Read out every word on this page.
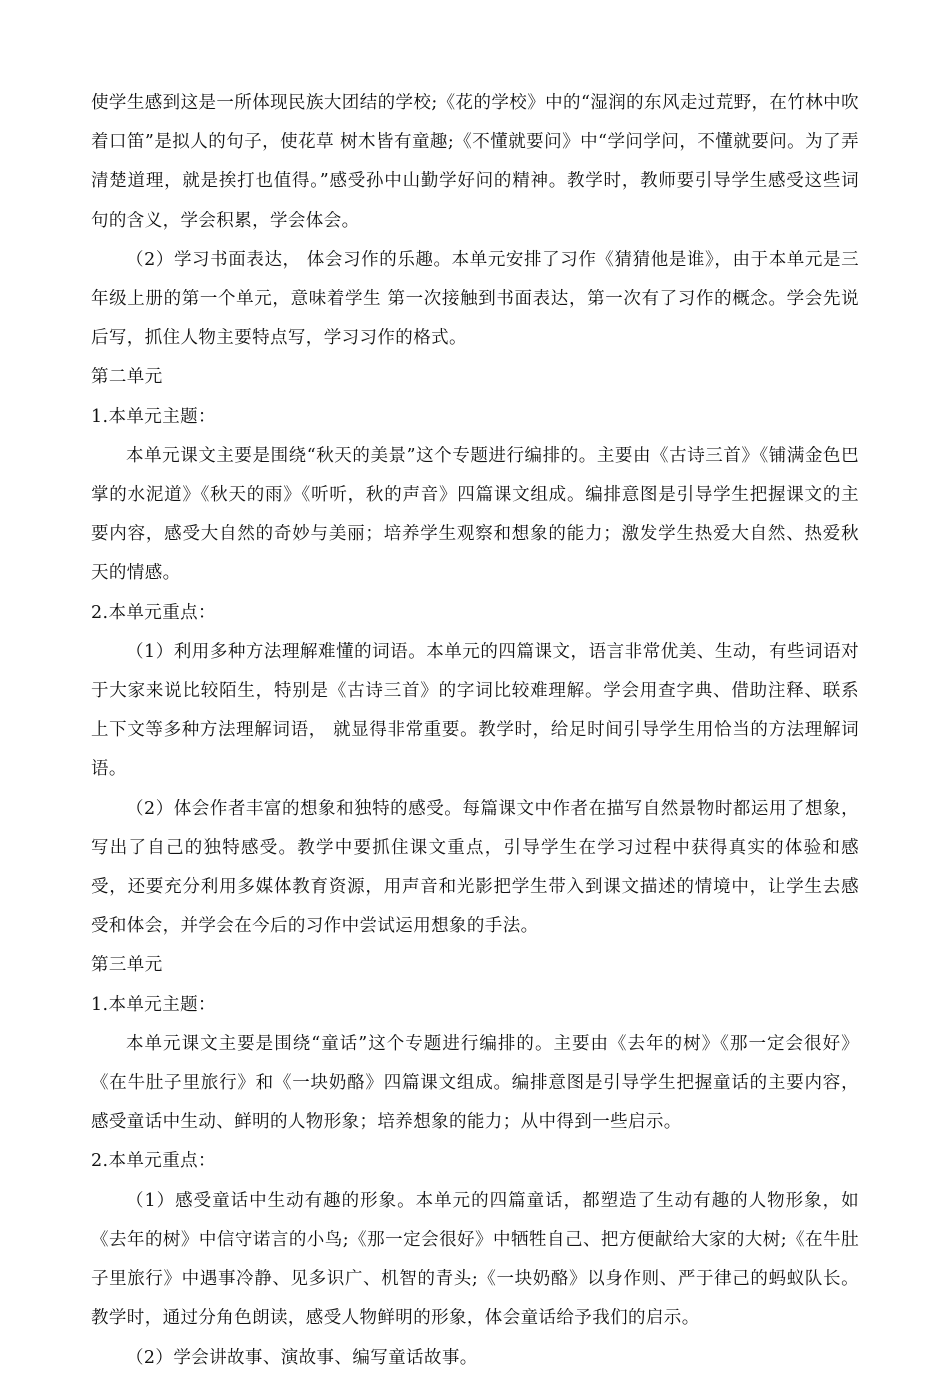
使学生感到这是一所体现民族大团结的学校;《花的学校》中的“湿润的东风走过荒野，在竹林中吹着口笛”是拟人的句子，使花草 树木皆有童趣;《不懂就要问》中“学问学问，不懂就要问。为了弄清楚道理，就是挨打也值得。”感受孙中山勤学好问的精神。教学时，教师要引导学生感受这些词句的含义，学会积累，学会体会。

（2）学习书面表达， 体会习作的乐趣。本单元安排了习作《猜猜他是谁》，由于本单元是三年级上册的第一个单元，意味着学生 第一次接触到书面表达，第一次有了习作的概念。学会先说后写，抓住人物主要特点写，学习习作的格式。

第二单元

1.本单元主题：

本单元课文主要是围绕“秋天的美景”这个专题进行编排的。主要由《古诗三首》《铺满金色巴掌的水泥道》《秋天的雨》《听听，秋的声音》四篇课文组成。编排意图是引导学生把握课文的主要内容，感受大自然的奇妙与美丽；培养学生观察和想象的能力；激发学生热爱大自然、热爱秋天的情感。

2.本单元重点：

（1）利用多种方法理解难懂的词语。本单元的四篇课文，语言非常优美、生动，有些词语对于大家来说比较陌生，特别是《古诗三首》的字词比较难理解。学会用查字典、借助注释、联系上下文等多种方法理解词语， 就显得非常重要。教学时，给足时间引导学生用恰当的方法理解词语。

（2）体会作者丰富的想象和独特的感受。每篇课文中作者在描写自然景物时都运用了想象，写出了自己的独特感受。教学中要抓住课文重点，引导学生在学习过程中获得真实的体验和感受，还要充分利用多媒体教育资源，用声音和光影把学生带入到课文描述的情境中，让学生去感受和体会，并学会在今后的习作中尝试运用想象的手法。

第三单元

1.本单元主题：

本单元课文主要是围绕“童话”这个专题进行编排的。主要由《去年的树》《那一定会很好》《在牛肚子里旅行》和《一块奶酪》四篇课文组成。编排意图是引导学生把握童话的主要内容，感受童话中生动、鲜明的人物形象；培养想象的能力；从中得到一些启示。

2.本单元重点：

（1）感受童话中生动有趣的形象。本单元的四篇童话，都塑造了生动有趣的人物形象，如《去年的树》中信守诺言的小鸟;《那一定会很好》中牺牲自己、把方便献给大家的大树;《在牛肚子里旅行》中遇事冷静、见多识广、机智的青头;《一块奶酪》以身作则、严于律己的蚂蚁队长。教学时，通过分角色朗读，感受人物鲜明的形象，体会童话给予我们的启示。

（2）学会讲故事、演故事、编写童话故事。
